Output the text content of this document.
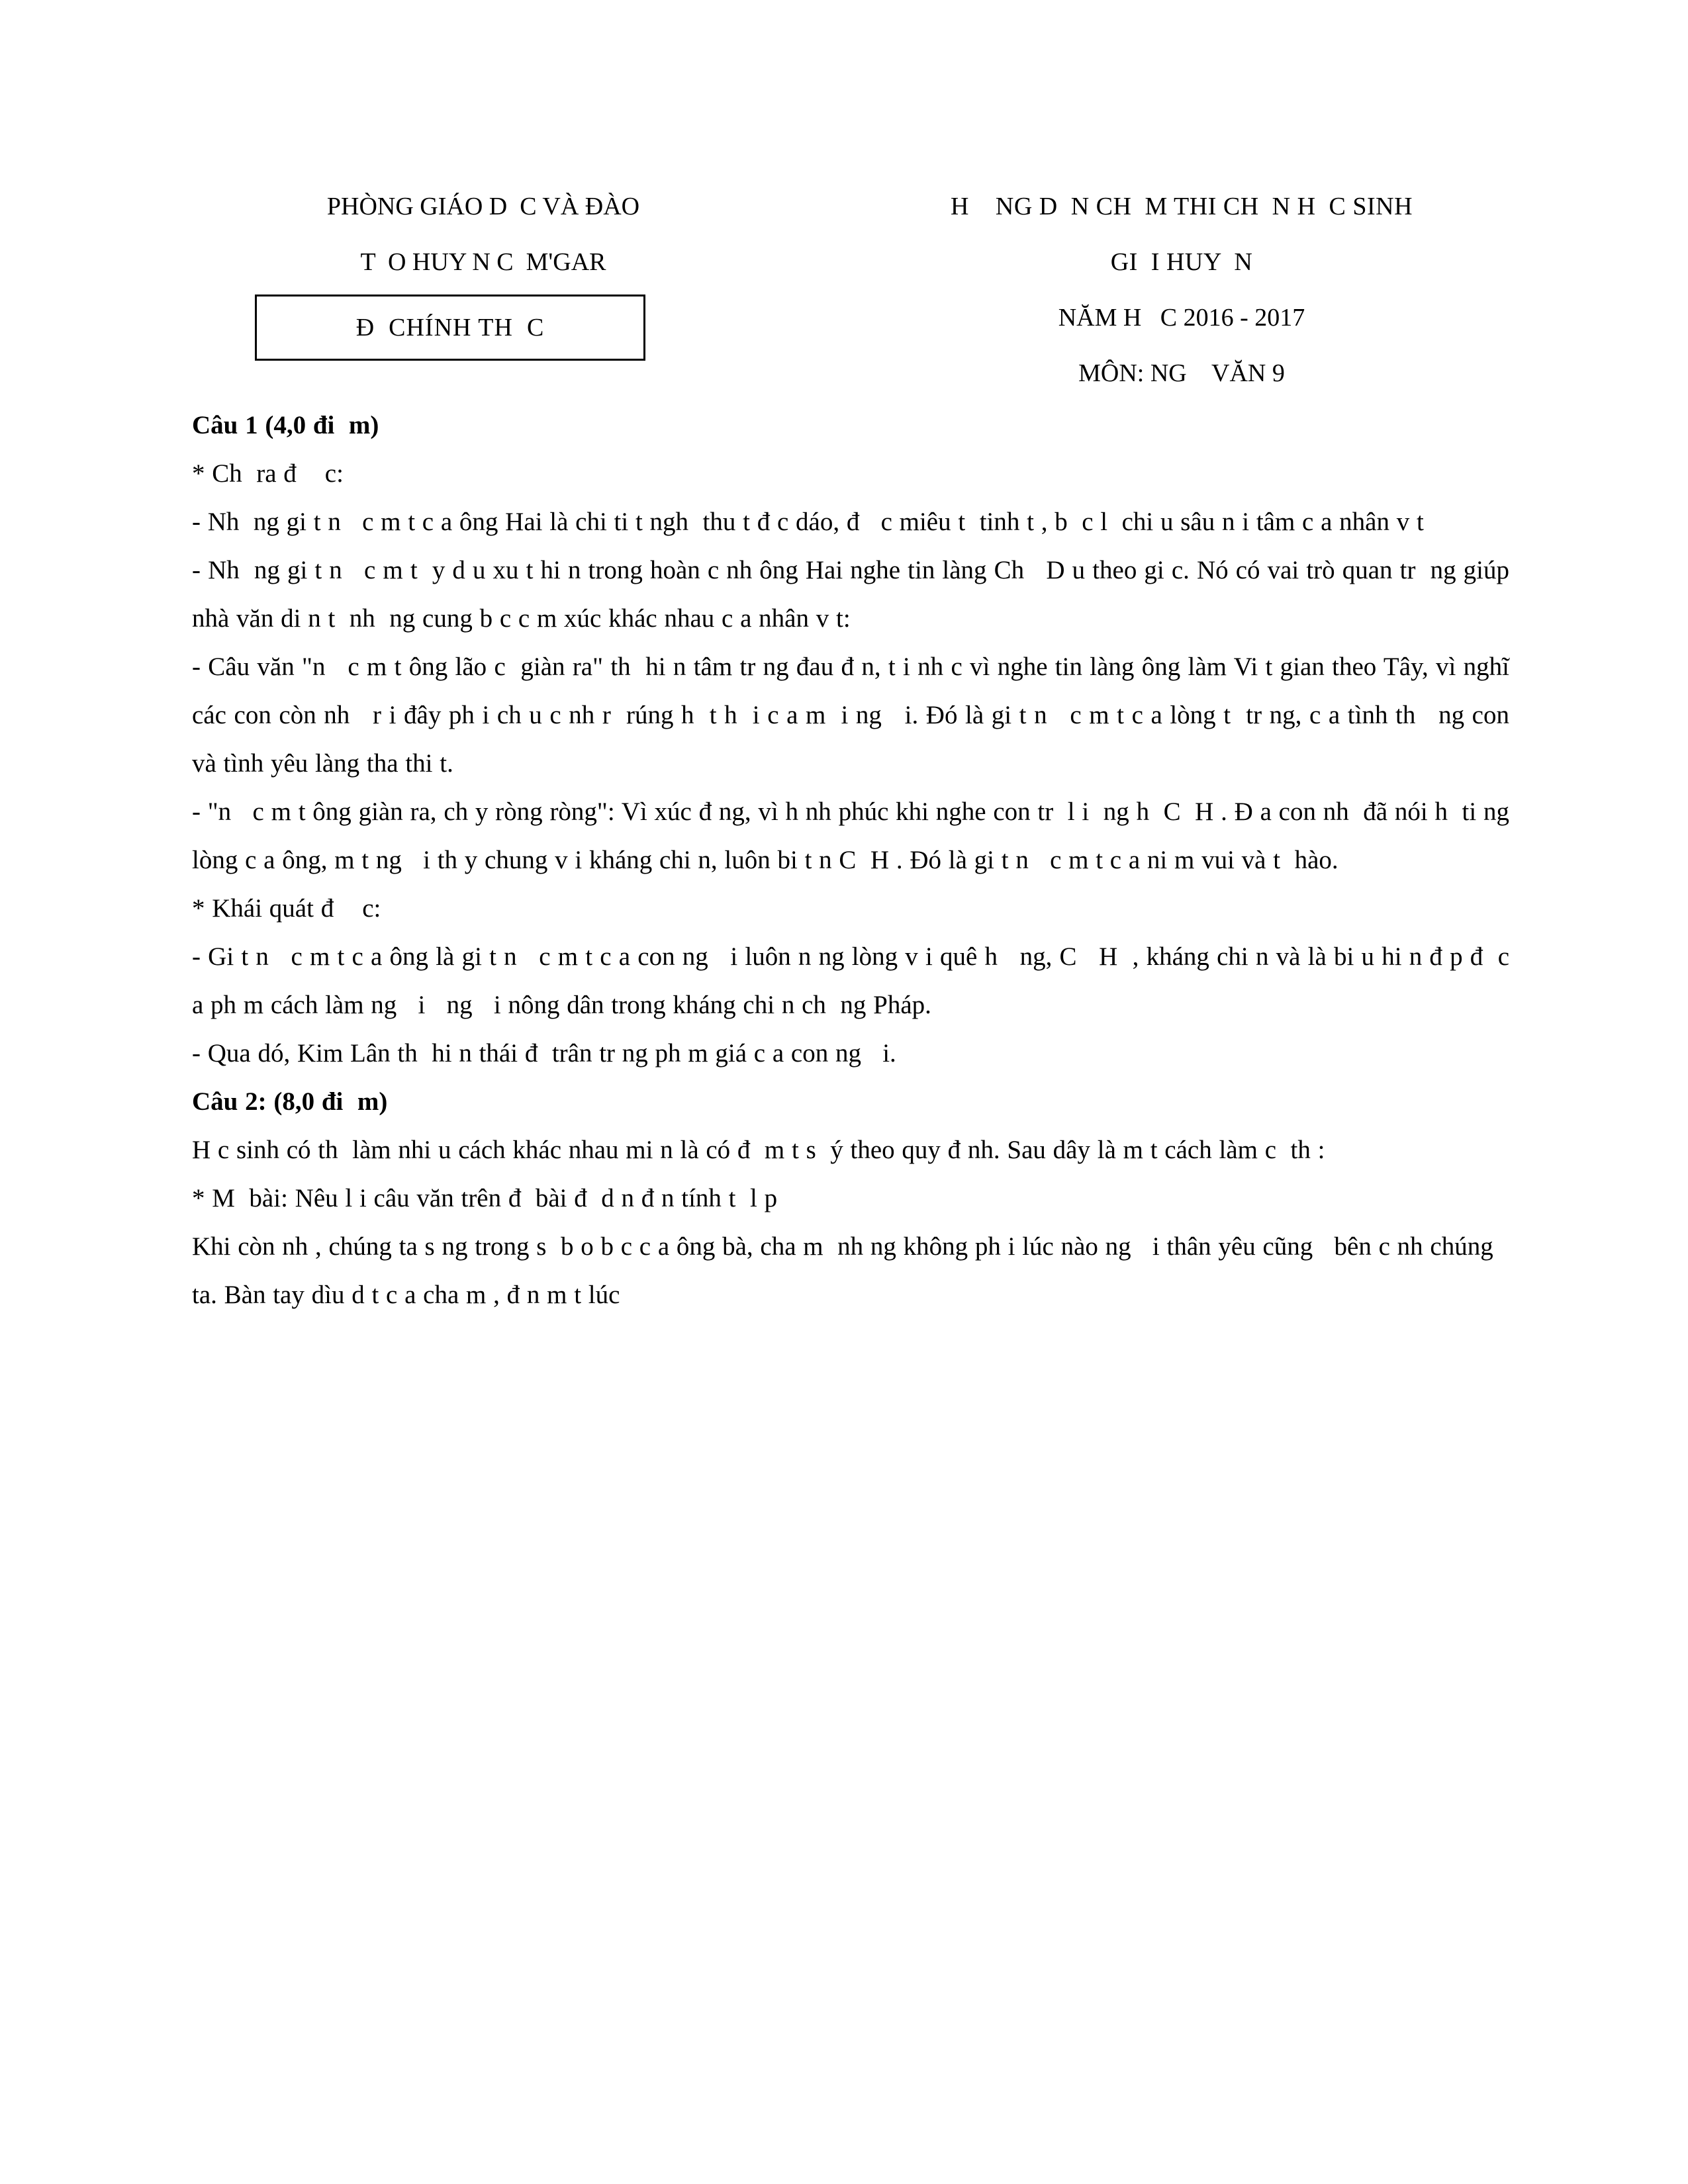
PHÒNG GIÁO D  C VÀ ĐÀO
T  O HUY N C  M'GAR
Đ  CHÍNH TH  C
H    NG D  N CH  M THI CH  N H  C SINH
GI  I HUY  N
NĂM H   C 2016 - 2017
MÔN: NG    VĂN 9

Câu 1 (4,0 đi  m)

* Ch  ra đ    c:

- Nh  ng gi t n   c m t c a ông Hai là chi ti t ngh  thu t đ c dáo, đ   c miêu t  tinh t , b  c l  chi u sâu n i tâm c a nhân v t

- Nh  ng gi t n   c m t  y d u xu t hi n trong hoàn c nh ông Hai nghe tin làng Ch   D u theo gi c. Nó có vai trò quan tr  ng giúp nhà văn di n t  nh  ng cung b c c m xúc khác nhau c a nhân v t:

- Câu văn "n   c m t ông lão c  giàn ra" th  hi n tâm tr ng đau đ n, t i nh c vì nghe tin làng ông làm Vi t gian theo Tây, vì nghĩ các con còn nh   r i đây ph i ch u c nh r  rúng h  t h  i c a m  i ng   i. Đó là gi t n   c m t c a lòng t  tr ng, c a tình th   ng con và tình yêu làng tha thi t.

- "n   c m t ông giàn ra, ch y ròng ròng": Vì xúc đ ng, vì h nh phúc khi nghe con tr  l i  ng h  C  H . Đ a con nh  đã nói h  ti ng lòng c a ông, m t ng   i th y chung v i kháng chi n, luôn bi t n C  H . Đó là gi t n   c m t c a ni m vui và t  hào.

* Khái quát đ    c:

- Gi t n   c m t c a ông là gi t n   c m t c a con ng   i luôn n ng lòng v i quê h   ng, C   H  , kháng chi n và là bi u hi n đ p đ  c a ph m cách làm ng   i   ng   i nông dân trong kháng chi n ch  ng Pháp.

- Qua dó, Kim Lân th  hi n thái đ  trân tr ng ph m giá c a con ng   i.

Câu 2: (8,0 đi  m)

H c sinh có th  làm nhi u cách khác nhau mi n là có đ  m t s  ý theo quy đ nh. Sau dây là m t cách làm c  th :

* M  bài: Nêu l i câu văn trên đ  bài đ  d n đ n tính t  l p

Khi còn nh , chúng ta s ng trong s  b o b c c a ông bà, cha m  nh ng không ph i lúc nào ng   i thân yêu cũng   bên c nh chúng ta. Bàn tay dìu d t c a cha m , đ n m t lúc
